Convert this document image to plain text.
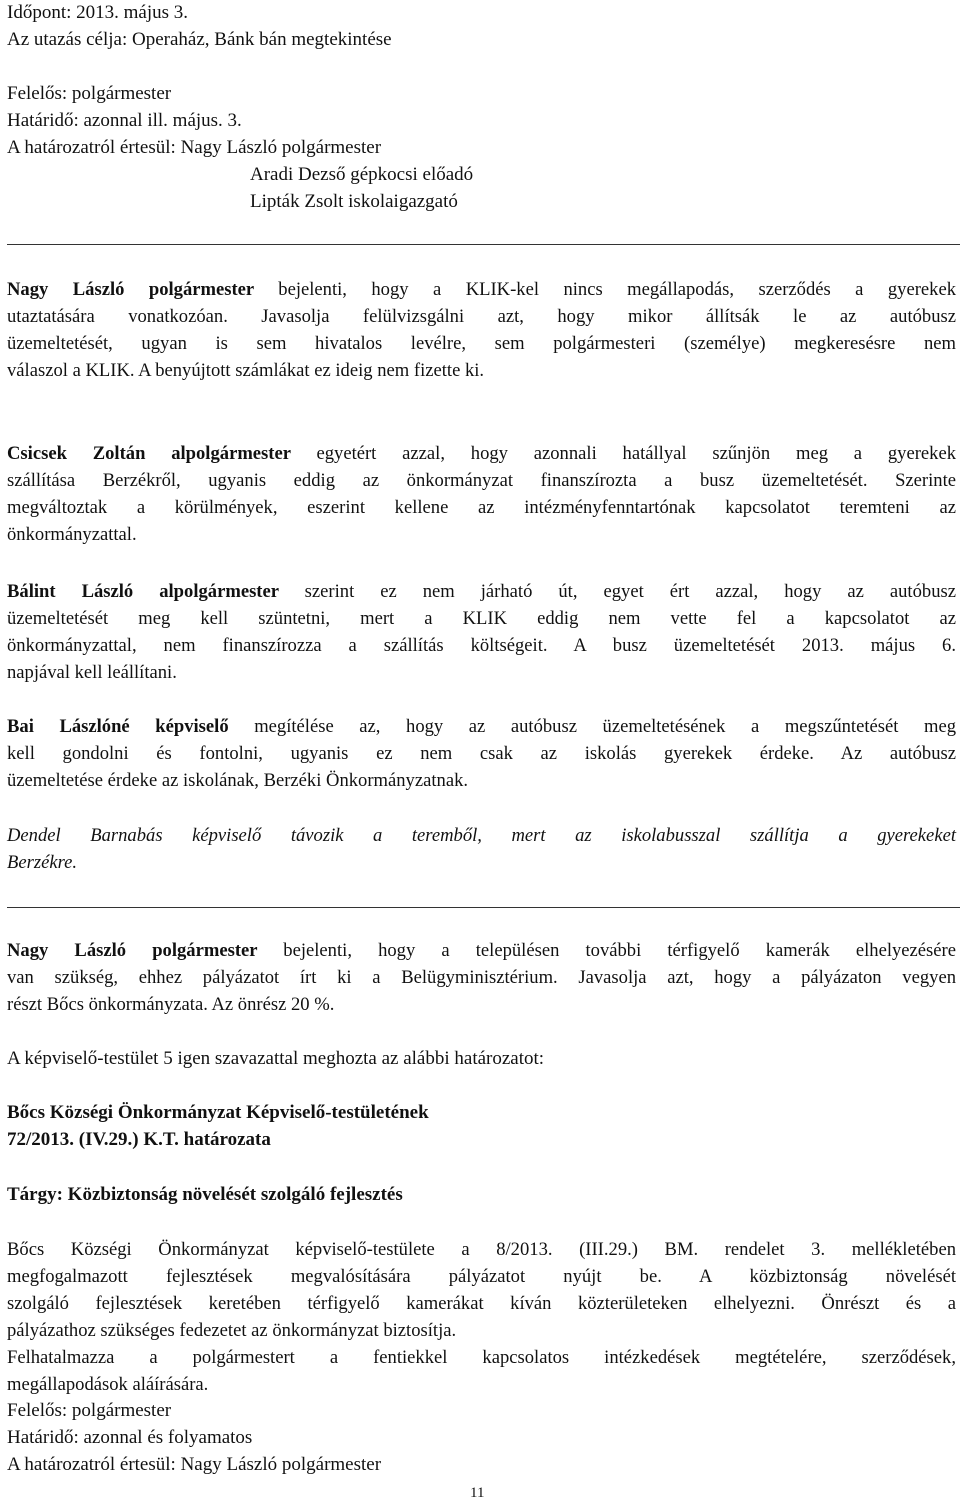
Időpont: 2013. május 3.
Az utazás célja: Operaház, Bánk bán megtekintése
Felelős: polgármester
Határidő: azonnal ill. május. 3.
A határozatról értesül: Nagy László polgármester
Aradi Dezső gépkocsi előadó
Lipták Zsolt iskolaigazgató
Nagy László polgármester bejelenti, hogy a KLIK-kel nincs megállapodás, szerződés a gyerekek
utaztatására vonatkozóan. Javasolja felülvizsgálni azt, hogy mikor állítsák le az autóbusz
üzemeltetését, ugyan is sem hivatalos levélre, sem polgármesteri (személye) megkeresésre nem
válaszol a KLIK. A benyújtott számlákat ez ideig nem fizette ki.
Csicsek Zoltán alpolgármester egyetért azzal, hogy azonnali hatállyal szűnjön meg a gyerekek
szállítása Berzékről, ugyanis eddig az önkormányzat finanszírozta a busz üzemeltetését. Szerinte
megváltoztak a körülmények, eszerint kellene az intézményfenntartónak kapcsolatot teremteni az
önkormányzattal.
Bálint László alpolgármester szerint ez nem járható út, egyet ért azzal, hogy az autóbusz
üzemeltetését meg kell szüntetni, mert a KLIK eddig nem vette fel a kapcsolatot az
önkormányzattal, nem finanszírozza a szállítás költségeit. A busz üzemeltetését 2013. május 6.
napjával kell leállítani.
Bai Lászlóné képviselő megítélése az, hogy az autóbusz üzemeltetésének a megszűntetését meg
kell gondolni és fontolni, ugyanis ez nem csak az iskolás gyerekek érdeke. Az autóbusz
üzemeltetése érdeke az iskolának, Berzéki Önkormányzatnak.
Dendel Barnabás képviselő távozik a teremből, mert az iskolabusszal szállítja a gyerekeket
Berzékre.
Nagy László polgármester bejelenti, hogy a településen további térfigyelő kamerák elhelyezésére
van szükség, ehhez pályázatot írt ki a Belügyminisztérium. Javasolja azt, hogy a pályázaton vegyen
részt Bőcs önkormányzata. Az önrész 20 %.
A képviselő-testület 5 igen szavazattal meghozta az alábbi határozatot:
Bőcs Községi Önkormányzat Képviselő-testületének
72/2013. (IV.29.) K.T. határozata
Tárgy: Közbiztonság növelését szolgáló fejlesztés
Bőcs Községi Önkormányzat képviselő-testülete a 8/2013. (III.29.) BM. rendelet 3. mellékletében
megfogalmazott fejlesztések megvalósítására pályázatot nyújt be. A közbiztonság növelését
szolgáló fejlesztések keretében térfigyelő kamerákat kíván közterületeken elhelyezni. Önrészt és a
pályázathoz szükséges fedezetet az önkormányzat biztosítja.
Felhatalmazza a polgármestert a fentiekkel kapcsolatos intézkedések megtételére, szerződések,
megállapodások aláírására.
Felelős: polgármester
Határidő: azonnal és folyamatos
A határozatról értesül: Nagy László polgármester
11
